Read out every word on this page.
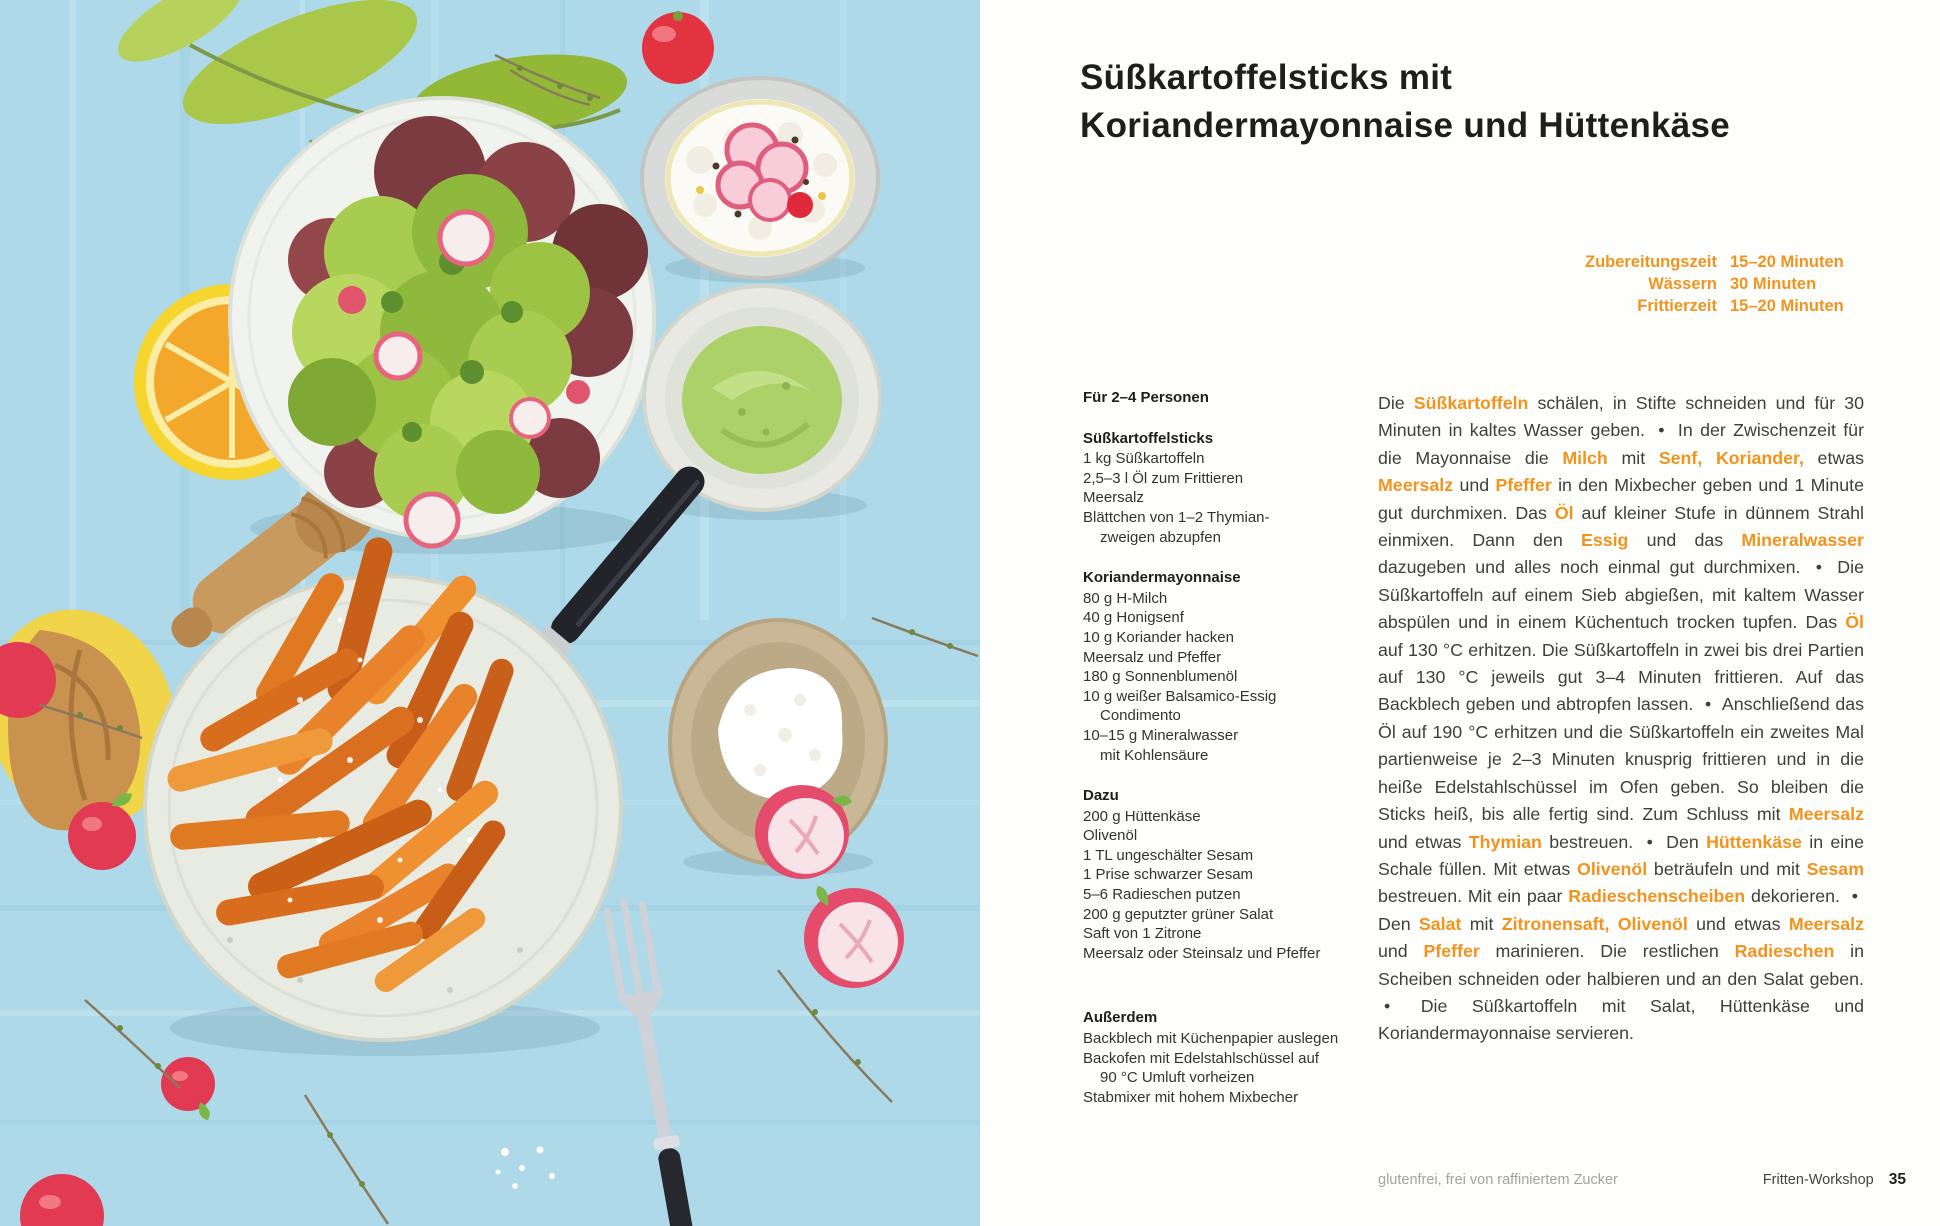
Süßkartoffelsticks mit
Koriandermayonnaise und Hüttenkäse
Zubereitungszeit 15–20 Minuten
Wässern 30 Minuten
Frittierzeit 15–20 Minuten
Für 2–4 Personen
Süßkartoffelsticks
1 kg Süßkartoffeln
2,5–3 l Öl zum Frittieren
Meersalz
Blättchen von 1–2 Thymian-
zweigen abzupfen
Koriandermayonnaise
80 g H-Milch
40 g Honigsenf
10 g Koriander hacken
Meersalz und Pfeffer
180 g Sonnenblumenöl
10 g weißer Balsamico-Essig
Condimento
10–15 g Mineralwasser
mit Kohlensäure
Dazu
200 g Hüttenkäse
Olivenöl
1 TL ungeschälter Sesam
1 Prise schwarzer Sesam
5–6 Radieschen putzen
200 g geputzter grüner Salat
Saft von 1 Zitrone
Meersalz oder Steinsalz und Pfeffer
Außerdem
Backblech mit Küchenpapier auslegen
Backofen mit Edelstahlschüssel auf
90 °C Umluft vorheizen
Stabmixer mit hohem Mixbecher

Die Süßkartoffeln schälen, in Stifte schneiden und für 30 Minuten in kaltes Wasser geben. • In der Zwischenzeit für die Mayonnaise die Milch mit Senf, Koriander, etwas Meersalz und Pfeffer in den Mixbecher geben und 1 Minute gut durchmixen. Das Öl auf kleiner Stufe in dünnem Strahl einmixen. Dann den Essig und das Mineralwasser dazugeben und alles noch einmal gut durchmixen. • Die Süßkartoffeln auf einem Sieb abgießen, mit kaltem Wasser abspülen und in einem Küchentuch trocken tupfen. Das Öl auf 130 °C erhitzen. Die Süßkartoffeln in zwei bis drei Partien auf 130 °C jeweils gut 3–4 Minuten frittieren. Auf das Backblech geben und abtropfen lassen. • Anschließend das Öl auf 190 °C erhitzen und die Süßkartoffeln ein zweites Mal partienweise je 2–3 Minuten knusprig frittieren und in die heiße Edelstahlschüssel im Ofen geben. So bleiben die Sticks heiß, bis alle fertig sind. Zum Schluss mit Meersalz und etwas Thymian bestreuen. • Den Hüttenkäse in eine Schale füllen. Mit etwas Olivenöl beträufeln und mit Sesam bestreuen. Mit ein paar Radieschenscheiben dekorieren. • Den Salat mit Zitronensaft, Olivenöl und etwas Meersalz und Pfeffer marinieren. Die restlichen Radieschen in Scheiben schneiden oder halbieren und an den Salat geben. • Die Süßkartoffeln mit Salat, Hüttenkäse und Koriandermayonnaise servieren.

glutenfrei, frei von raffiniertem Zucker	Fritten-Workshop 35
